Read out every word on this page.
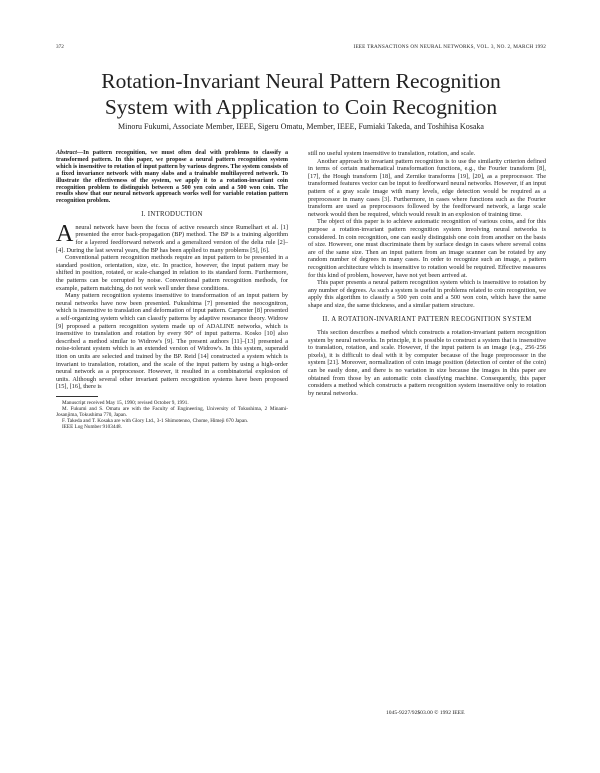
372	IEEE TRANSACTIONS ON NEURAL NETWORKS, VOL. 3, NO. 2, MARCH 1992
Rotation-Invariant Neural Pattern Recognition
System with Application to Coin Recognition
Minoru Fukumi, Associate Member, IEEE, Sigeru Omatu, Member, IEEE, Fumiaki Takeda, and Toshihisa Kosaka
Abstract—In pattern recognition, we must often deal with problems to classify a transformed pattern. In this paper, we propose a neural pattern recognition system which is insensitive to rotation of input pattern by various degrees. The system consists of a fixed invariance network with many slabs and a trainable multilayered network. To illustrate the effectiveness of the system, we apply it to a rotation-invariant coin recognition problem to distinguish between a 500 yen coin and a 500 won coin. The results show that our neural network approach works well for variable rotation pattern recognition problem.
I. INTRODUCTION

Aneural network have been the focus of active research since Rumelhart et al. [1] presented the error back-propagation (BP) method. The BP is a training algorithm for a layered feedforward network and a generalized version of the delta rule [2]–[4]. During the last several years, the BP has been applied to many problems [5], [6].

Conventional pattern recognition methods require an input pattern to be presented in a standard position, orientation, size, etc. In practice, however, the input pattern may be shifted in position, rotated, or scale-changed in relation to its standard form. Furthermore, the patterns can be corrupted by noise. Conventional pattern recognition methods, for example, pattern matching, do not work well under these conditions.

Many pattern recognition systems insensitive to transformation of an input pattern by neural networks have now been presented. Fukushima [7] presented the neocognitron, which is insensitive to translation and deformation of input pattern. Carpenter [8] presented a self-organizing system which can classify patterns by adaptive resonance theory. Widrow [9] proposed a pattern recognition system made up of ADALINE networks, which is insensitive to translation and rotation by every 90° of input patterns. Kosko [10] also described a method similar to Widrow's [9]. The present authors [11]–[13] presented a noise-tolerant system which is an extended version of Widrow's. In this system, superadd ition on units are selected and trained by the BP. Reid [14] constructed a system which is invariant to translation, rotation, and the scale of the input pattern by using a high-order neural network as a preprocessor. However, it resulted in a combinatorial explosion of units. Although several other invariant pattern recognition systems have been proposed [15], [16], there is

Manuscript received May 15, 1990; revised October 9, 1991.
M. Fukumi and S. Omatu are with the Faculty of Engineering, University of Tokushima, 2 Minami-Josanjima, Tokushima 770, Japan.
F. Takeda and T. Kosaka are with Glory Ltd., 3-1 Shimotenno, Chome, Himeji 670 Japan.
IEEE Log Number 9103448.

still no useful system insensitive to translation, rotation, and scale.

Another approach to invariant pattern recognition is to use the similarity criterion defined in terms of certain mathematical transformation functions, e.g., the Fourier transform [8], [17], the Hough transform [18], and Zernike transforms [19], [20], as a preprocessor. The transformed features vector can be input to feedforward neural networks. However, if an input pattern of a gray scale image with many levels, edge detection would be required as a preprocessor in many cases [3]. Furthermore, in cases where functions such as the Fourier transform are used as preprocessors followed by the feedforward network, a large scale network would then be required, which would result in an explosion of training time.

The object of this paper is to achieve automatic recognition of various coins, and for this purpose a rotation-invariant pattern recognition system involving neural networks is considered. In coin recognition, one can easily distinguish one coin from another on the basis of size. However, one must discriminate them by surface design in cases where several coins are of the same size. Then an input pattern from an image scanner can be rotated by any random number of degrees in many cases. In order to recognize such an image, a pattern recognition architecture which is insensitive to rotation would be required. Effective measures for this kind of problem, however, have not yet been arrived at.

This paper presents a neural pattern recognition system which is insensitive to rotation by any number of degrees. As such a system is useful in problems related to coin recognition, we apply this algorithm to classify a 500 yen coin and a 500 won coin, which have the same shape and size, the same thickness, and a similar pattern structure.

II. A ROTATION-INVARIANT PATTERN RECOGNITION SYSTEM

This section describes a method which constructs a rotation-invariant pattern recognition system by neural networks. In principle, it is possible to construct a system that is insensitive to translation, rotation, and scale. However, if the input pattern is an image (e.g., 256·256 pixels), it is difficult to deal with it by computer because of the huge preprocessor in the system [21]. Moreover, normalization of coin image position (detection of center of the coin) can be easily done, and there is no variation in size because the images in this paper are obtained from those by an automatic coin classifying machine. Consequently, this paper considers a method which constructs a pattern recognition system insensitive only to rotation by neural networks.

1045-9227/92$03.00 © 1992 IEEE
